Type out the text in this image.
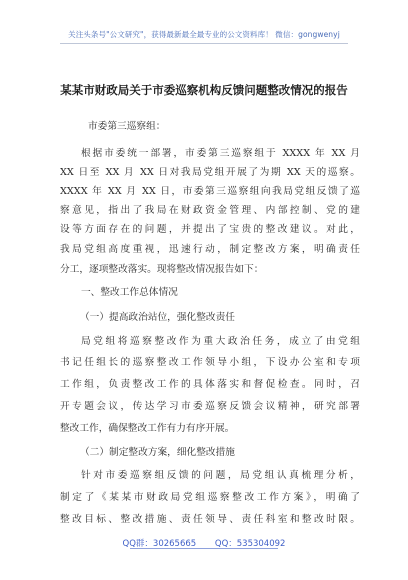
关注头条号"公文研究"，获得最新最全最专业的公文资料库！ 微信：gongwenyj
某某市财政局关于市委巡察机构反馈问题整改情况的报告
市委第三巡察组：
根据市委统一部署，市委第三巡察组于 XXXX 年 XX 月
XX 日至 XX 月 XX 日对我局党组开展了为期 XX 天的巡察。
XXXX 年 XX 月 XX 日，市委第三巡察组向我局党组反馈了巡
察意见，指出了我局在财政资金管理、内部控制、党的建
设等方面存在的问题，并提出了宝贵的整改建议。对此，
我局党组高度重视，迅速行动，制定整改方案，明确责任
分工，逐项整改落实。现将整改情况报告如下：
一、整改工作总体情况
（一）提高政治站位，强化整改责任
局党组将巡察整改作为重大政治任务，成立了由党组
书记任组长的巡察整改工作领导小组，下设办公室和专项
工作组，负责整改工作的具体落实和督促检查。同时，召
开专题会议，传达学习市委巡察反馈会议精神，研究部署
整改工作，确保整改工作有力有序开展。
（二）制定整改方案，细化整改措施
针对市委巡察组反馈的问题，局党组认真梳理分析，
制定了《某某市财政局党组巡察整改工作方案》，明确了
整改目标、整改措施、责任领导、责任科室和整改时限。
QQ群：30265665 QQ：535304092
